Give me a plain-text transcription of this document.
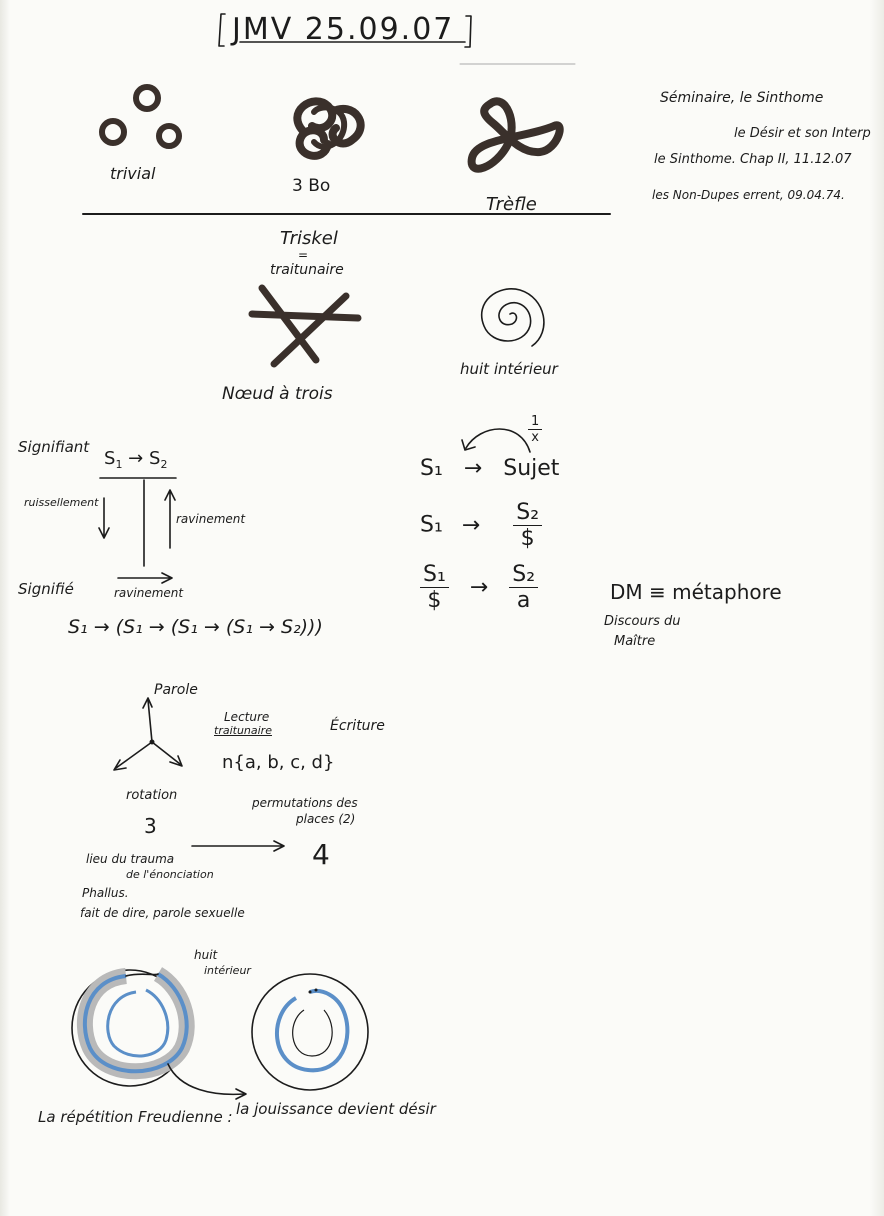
JMV 25.09.07
trivial
3 Bo
Trèfle
Séminaire, le Sinthome
le Désir et son Interp
le Sinthome. Chap II, 11.12.07
les Non-Dupes errent, 09.04.74.
Triskel
=
traitunaire
Nœud à trois
huit intérieur
Signifiant
$S_1 \to S_2$
ruissellement
ravinement
Signifié	ravinement
S₁ → (S₁ → (S₁ → (S₁ → S₂)))
$\frac{1}{x}$
S₁ → Sujet
$S_1 \to \frac{\text{S₂}}{\$}$
$\frac{\text{S₁}}{\$} \to \frac{\text{S₂}}{a}$	DM ≡ métaphore
Discours du
Maître
Parole
rotation
3
Lecture
traitunaire	Écriture
n{a, b, c, d}
permutations des
places (2)
4
lieu du trauma
de l'énonciation
Phallus.
fait de dire, parole sexuelle
huit
intérieur
La répétition Freudienne : la jouissance devient désir
